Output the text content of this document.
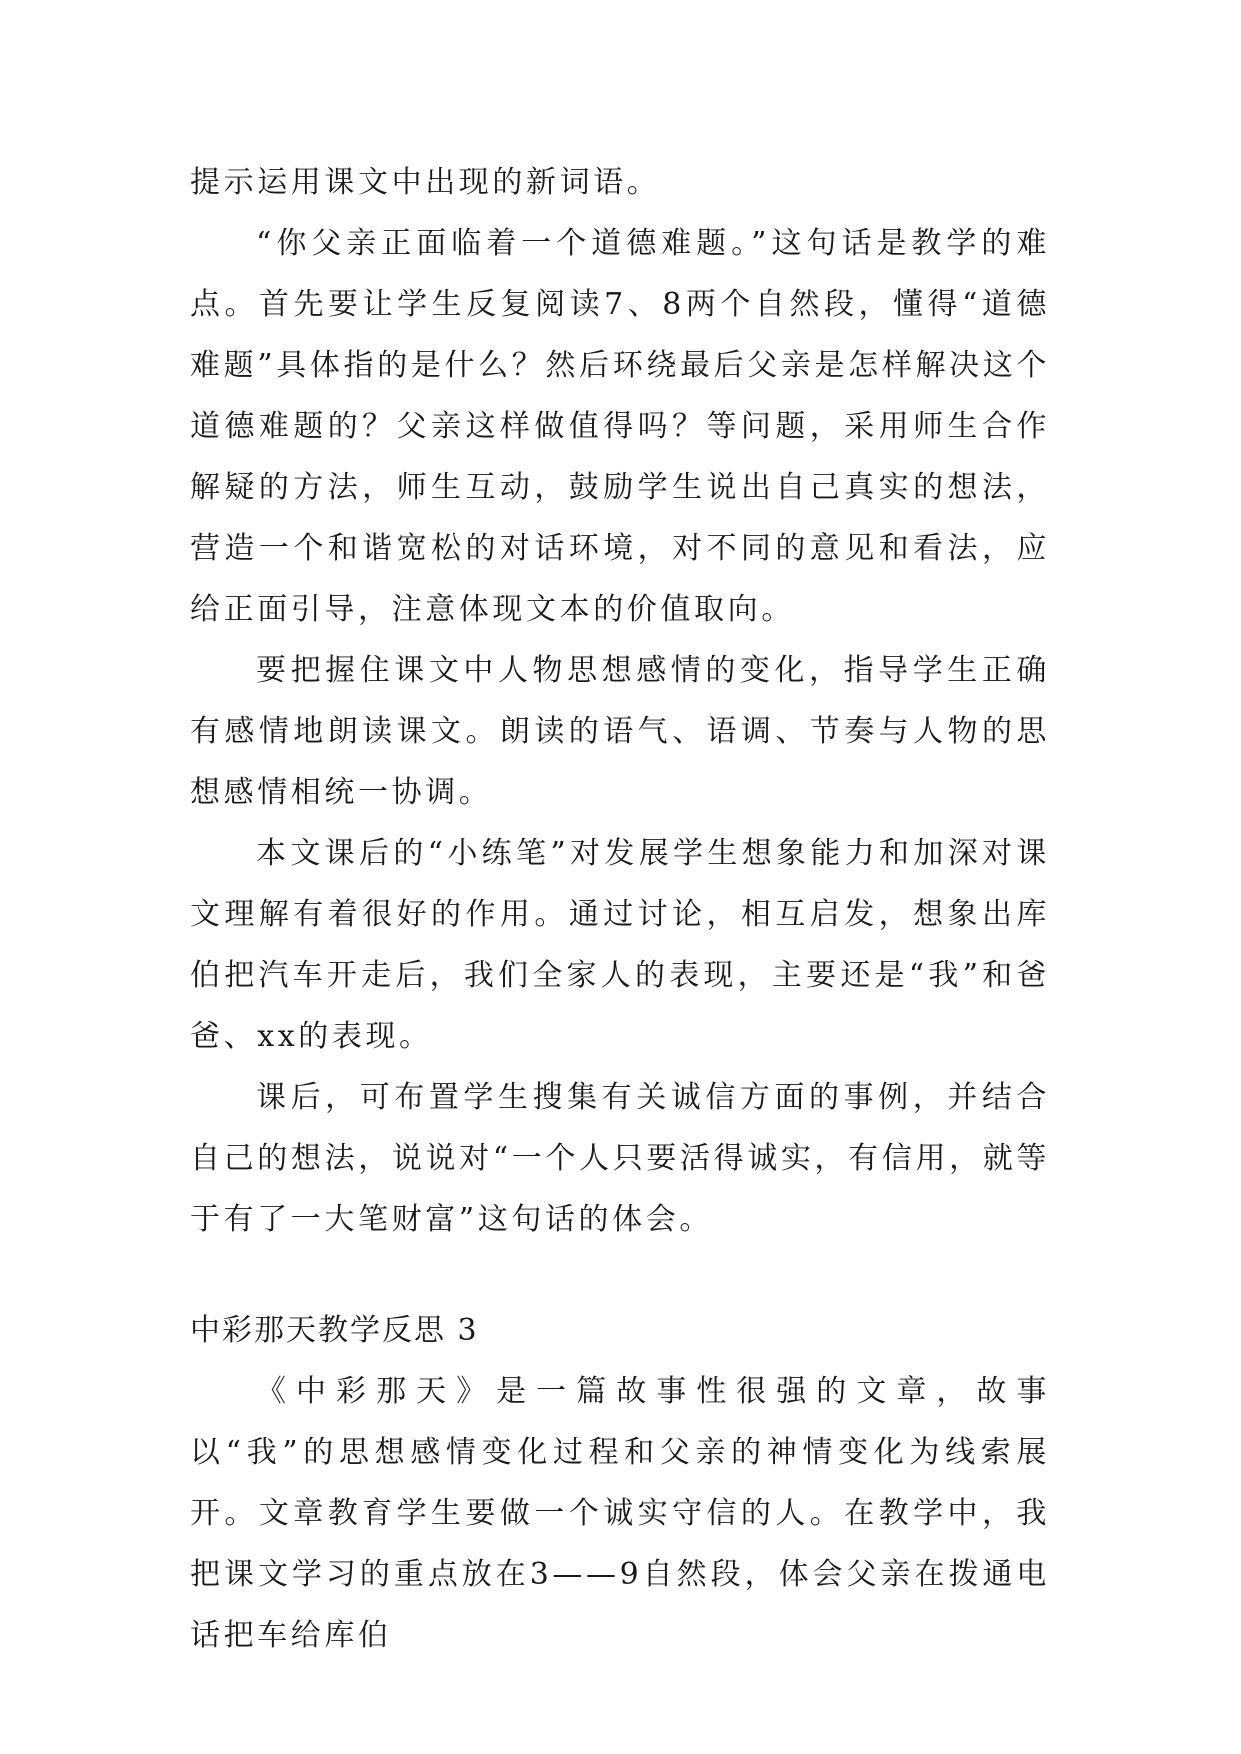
提示运用课文中出现的新词语。

“你父亲正面临着一个道德难题。”这句话是教学的难点。首先要让学生反复阅读7、8两个自然段，懂得“道德难题”具体指的是什么？然后环绕最后父亲是怎样解决这个道德难题的？父亲这样做值得吗？等问题，采用师生合作解疑的方法，师生互动，鼓励学生说出自己真实的想法，营造一个和谐宽松的对话环境，对不同的意见和看法，应给正面引导，注意体现文本的价值取向。

要把握住课文中人物思想感情的变化，指导学生正确有感情地朗读课文。朗读的语气、语调、节奏与人物的思想感情相统一协调。

本文课后的“小练笔”对发展学生想象能力和加深对课文理解有着很好的作用。通过讨论，相互启发，想象出库伯把汽车开走后，我们全家人的表现，主要还是“我”和爸爸、xx的表现。

课后，可布置学生搜集有关诚信方面的事例，并结合自己的想法，说说对“一个人只要活得诚实，有信用，就等于有了一大笔财富”这句话的体会。

中彩那天教学反思 3

《中彩那天》是一篇故事性很强的文章，故事以“我”的思想感情变化过程和父亲的神情变化为线索展开。文章教育学生要做一个诚实守信的人。在教学中，我把课文学习的重点放在3——9自然段，体会父亲在拨通电话把车给库伯
